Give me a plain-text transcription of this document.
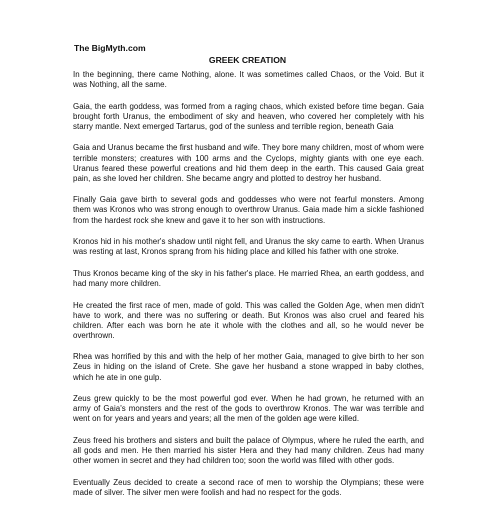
The BigMyth.com

GREEK CREATION

In the beginning, there came Nothing, alone. It was sometimes called Chaos, or the Void. But it was Nothing, all the same.

Gaia, the earth goddess, was formed from a raging chaos, which existed before time began. Gaia brought forth Uranus, the embodiment of sky and heaven, who covered her completely with his starry mantle. Next emerged Tartarus, god of the sunless and terrible region, beneath Gaia

Gaia and Uranus became the first husband and wife. They bore many children, most of whom were terrible monsters; creatures with 100 arms and the Cyclops, mighty giants with one eye each. Uranus feared these powerful creations and hid them deep in the earth. This caused Gaia great pain, as she loved her children. She became angry and plotted to destroy her husband.

Finally Gaia gave birth to several gods and goddesses who were not fearful monsters. Among them was Kronos who was strong enough to overthrow Uranus. Gaia made him a sickle fashioned from the hardest rock she knew and gave it to her son with instructions.

Kronos hid in his mother's shadow until night fell, and Uranus the sky came to earth. When Uranus was resting at last, Kronos sprang from his hiding place and killed his father with one stroke.

Thus Kronos became king of the sky in his father's place. He married Rhea, an earth goddess, and had many more children.

He created the first race of men, made of gold. This was called the Golden Age, when men didn't have to work, and there was no suffering or death. But Kronos was also cruel and feared his children. After each was born he ate it whole with the clothes and all, so he would never be overthrown.

Rhea was horrified by this and with the help of her mother Gaia, managed to give birth to her son Zeus in hiding on the island of Crete. She gave her husband a stone wrapped in baby clothes, which he ate in one gulp.

Zeus grew quickly to be the most powerful god ever. When he had grown, he returned with an army of Gaia's monsters and the rest of the gods to overthrow Kronos. The war was terrible and went on for years and years and years; all the men of the golden age were killed.

Zeus freed his brothers and sisters and built the palace of Olympus, where he ruled the earth, and all gods and men. He then married his sister Hera and they had many children. Zeus had many other women in secret and they had children too; soon the world was filled with other gods.

Eventually Zeus decided to create a second race of men to worship the Olympians; these were made of silver. The silver men were foolish and had no respect for the gods.
